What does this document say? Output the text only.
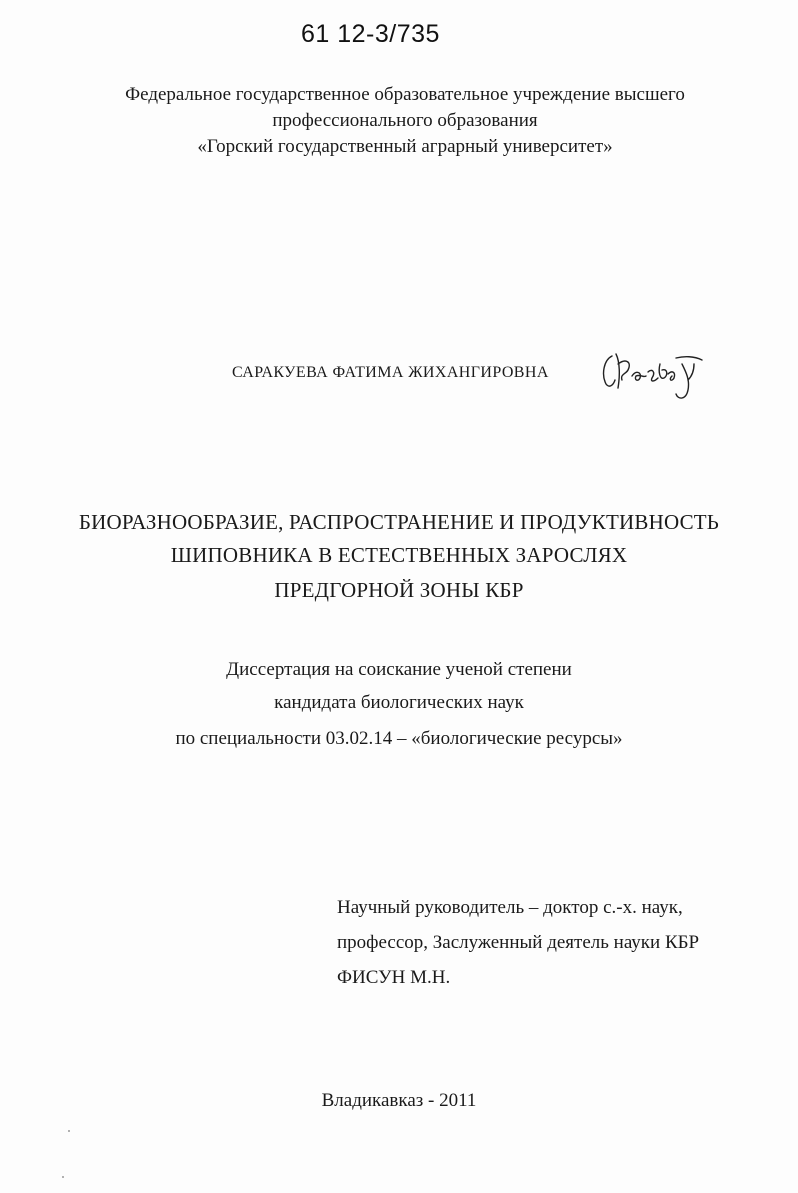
61 12-3/735
Федеральное государственное образовательное учреждение высшего
профессионального образования
«Горский государственный аграрный университет»
САРАКУЕВА ФАТИМА ЖИХАНГИРОВНА
БИОРАЗНООБРАЗИЕ, РАСПРОСТРАНЕНИЕ И ПРОДУКТИВНОСТЬ
ШИПОВНИКА В ЕСТЕСТВЕННЫХ ЗАРОСЛЯХ
ПРЕДГОРНОЙ ЗОНЫ КБР
Диссертация на соискание ученой степени
кандидата биологических наук
по специальности 03.02.14 – «биологические ресурсы»
Научный руководитель – доктор с.-х. наук,
профессор, Заслуженный деятель науки КБР
ФИСУН М.Н.
Владикавказ - 2011
